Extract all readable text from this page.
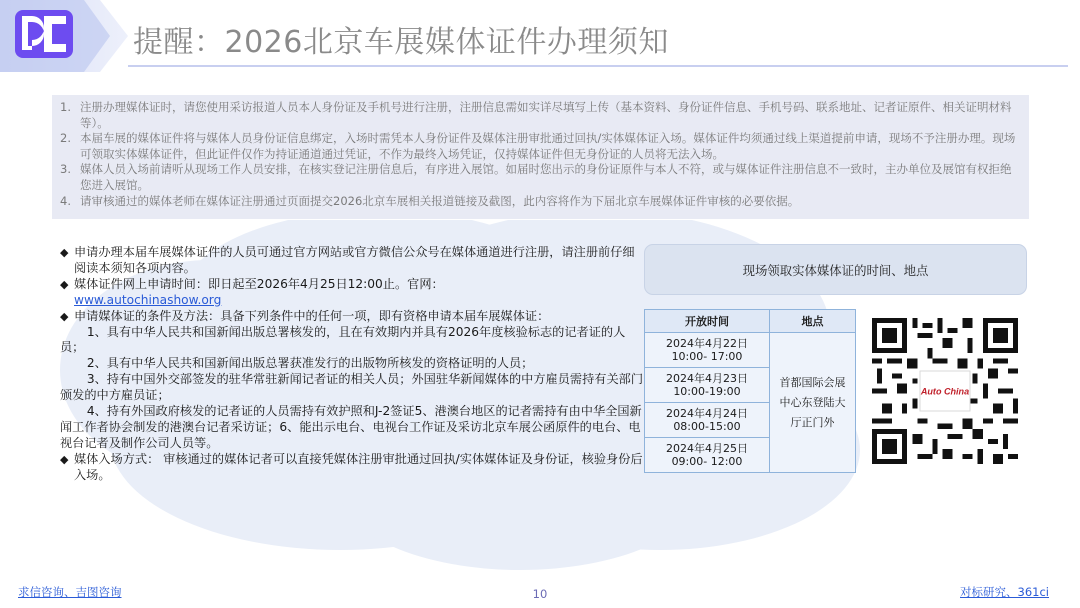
提醒：2026北京车展媒体证件办理须知
1. 注册办理媒体证时，请您使用采访报道人员本人身份证及手机号进行注册，注册信息需如实详尽填写上传（基本资料、身份证件信息、手机号码、联系地址、记者证原件、相关证明材料等）。
2. 本届车展的媒体证件将与媒体人员身份证信息绑定，入场时需凭本人身份证件及媒体注册审批通过回执/实体媒体证入场。媒体证件均须通过线上渠道提前申请，现场不予注册办理。现场可领取实体媒体证件，但此证件仅作为持证通道通过凭证，不作为最终入场凭证，仅持媒体证件但无身份证的人员将无法入场。
3. 媒体人员入场前请听从现场工作人员安排，在核实登记注册信息后，有序进入展馆。如届时您出示的身份证原件与本人不符，或与媒体证件注册信息不一致时，主办单位及展馆有权拒绝您进入展馆。
4. 请审核通过的媒体老师在媒体证注册通过页面提交2026北京车展相关报道链接及截图，此内容将作为下届北京车展媒体证件审核的必要依据。
◆ 申请办理本届车展媒体证件的人员可通过官方网站或官方微信公众号在媒体通道进行注册，请注册前仔细阅读本须知各项内容。
◆ 媒体证件网上申请时间：即日起至2026年4月25日12:00止。官网：
www.autochinashow.org
◆ 申请媒体证的条件及方法：具备下列条件中的任何一项，即有资格申请本届车展媒体证：
1、具有中华人民共和国新闻出版总署核发的，且在有效期内并具有2026年度核验标志的记者证的人员；
2、具有中华人民共和国新闻出版总署获准发行的出版物所核发的资格证明的人员；
3、持有中国外交部签发的驻华常驻新闻记者证的相关人员；外国驻华新闻媒体的中方雇员需持有关部门颁发的中方雇员证；
4、持有外国政府核发的记者证的人员需持有效护照和J-2签证5、港澳台地区的记者需持有由中华全国新闻工作者协会制发的港澳台记者采访证；6、能出示电台、电视台工作证及采访北京车展公函原件的电台、电视台记者及制作公司人员等。
◆ 媒体入场方式： 审核通过的媒体记者可以直接凭媒体注册审批通过回执/实体媒体证及身份证，核验身份后入场。
现场领取实体媒体证的时间、地点
开放时间	地点

2024年4月22日
10:00- 17:00	首都国际会展中心东登陆大厅正门外

2024年4月23日
10:00-19:00	

2024年4月24日
08:00-15:00	

2024年4月25日
09:00- 12:00	
Auto China
求信咨询、吉图咨询	10	对标研究、361ci
